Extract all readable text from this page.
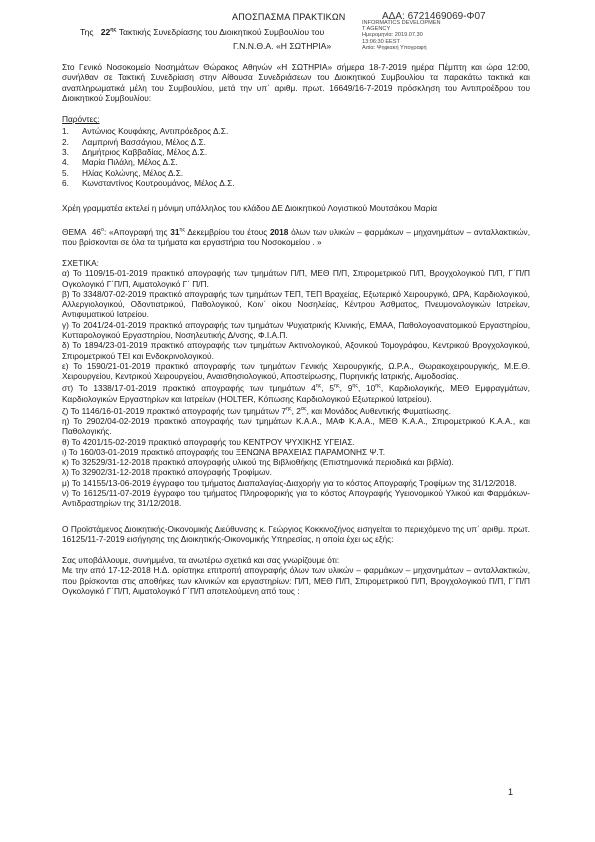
ΑΠΟΣΠΑΣΜΑ ΠΡΑΚΤΙΚΩΝ	ΑΔΑ: 6721469069-Φ07
INFORMATICS DEVELOPMEN
T AGENCY
Ημερομηνία: 2019.07.30
13:06:30 EEST
Αιτία: Ψηφιακή Υπογραφή
Της $22^{\eta\varsigma}$ Τακτικής Συνεδρίασης του Διοικητικού Συμβουλίου του
Γ.Ν.Ν.Θ.Α. «Η ΣΩΤΗΡΙΑ»

Στο Γενικό Νοσοκομείο Νοσημάτων Θώρακος Αθηνών «Η ΣΩΤΗΡΙΑ» σήμερα 18-7-2019 ημέρα Πέμπτη και ώρα 12:00, συνήλθαν σε Τακτική Συνεδρίαση στην Αίθουσα Συνεδριάσεων του Διοικητικού Συμβουλίου τα παρακάτω τακτικά και αναπληρωματικά μέλη του Συμβουλίου, μετά την υπ΄ αριθμ. πρωτ. 16649/16-7-2019 πρόσκληση του Αντιπροέδρου του Διοικητικού Συμβουλίου:

Παρόντες:
1.	Αντώνιος Κουφάκης, Αντιπρόεδρος Δ.Σ.
2.	Λαμπρινή Βασσάγιου, Μέλος Δ.Σ.
3.	Δημήτριος Καββαδίας, Μέλος Δ.Σ.
4.	Μαρία Πιλάλη, Μέλος Δ.Σ.
5.	Ηλίας Κολώνης, Μέλος Δ.Σ.
6.	Κωνσταντίνος Κουτρουμάνος, Μέλος Δ.Σ.

Χρέη γραμματέα εκτελεί η μόνιμη υπάλληλος του κλάδου ΔΕ Διοικητικού Λογιστικού Μουτσάκου Μαρία

ΘΕΜΑ $46^o$: «Απογραφή της $31^{\eta\varsigma}$ Δεκεμβρίου του έτους 2018 όλων των υλικών – φαρμάκων – μηχανημάτων – ανταλλακτικών, που βρίσκονται σε όλα τα τμήματα και εργαστήρια του Νοσοκομείου . »

ΣΧΕΤΙΚΑ:

α) Το 1109/15-01-2019 πρακτικό απογραφής των τμημάτων Π/Π, ΜΕΘ Π/Π, Σπιρομετρικού Π/Π, Βρογχολογικού Π/Π, Γ΄Π/Π Ογκολογικό Γ΄Π/Π, Αιματολογικό Γ΄ Π/Π.

β) Το 3348/07-02-2019 πρακτικό απογραφής των τμημάτων ΤΕΠ, ΤΕΠ Βραχείας, Εξωτερικό Χειρουργικό, ΩΡΑ, Καρδιολογικού, Αλλεργιολογικού, Οδοντιατρικού, Παθολογικού, Κοιν΄ οίκου Νοσηλείας, Κέντρου Άσθματος, Πνευμονολογικών Ιατρείων, Αντιφυματικού Ιατρείου.

γ) Το 2041/24-01-2019 πρακτικό απογραφής των τμημάτων Ψυχιατρικής Κλινικής, ΕΜΑΑ, Παθολογοανατομικού Εργαστηρίου, Κυτταρολογικού Εργαστηρίου, Νοσηλευτικής Δ/νσης, Φ.Ι.Α.Π.

δ) Το 1894/23-01-2019 πρακτικό απογραφής των τμημάτων Ακτινολογικού, Αξονικού Τομογράφου, Κεντρικού Βρογχολογικού, Σπιρομετρικού ΤΕΙ και Ενδοκρινολογικού.

ε) Το 1590/21-01-2019 πρακτικό απογραφής των τμημάτων Γενικής Χειρουργικής, Ω.Ρ.Α., Θωρακοχειρουργικής, Μ.Ε.Θ. Χειρουργείου, Κεντρικού Χειρουργείου, Αναισθησιολογικού, Αποστείρωσης, Πυρηνικής Ιατρικής, Αιμοδοσίας.

στ) Το 1338/17-01-2019 πρακτικό απογραφής των τμημάτων $4^{\eta\varsigma}$, $5^{\eta\varsigma}$, $9^{\eta\varsigma}$, $10^{\eta\varsigma}$, Καρδιολογικής, ΜΕΘ Εμφραγμάτων, Καρδιολογικών Εργαστηρίων και Ιατρείων (HOLTER, Κόπωσης Καρδιολογικού Εξωτερικού Ιατρείου).

ζ) Το 1146/16-01-2019 πρακτικό απογραφής των τμημάτων $7^{\eta\varsigma}$, $2^{\alpha\varsigma}$, και Μονάδος Αυθεντικής Φυματίωσης.

η) Το 2902/04-02-2019 πρακτικό απογραφής των τμημάτων Κ.Α.Α., ΜΑΦ Κ.Α.Α., ΜΕΘ Κ.Α.Α., Σπιρομετρικού Κ.Α.Α., και Παθολογικής.

θ) Το 4201/15-02-2019 πρακτικό απογραφής του ΚΕΝΤΡΟΥ ΨΥΧΙΚΗΣ ΥΓΕΙΑΣ.

ι) Το 160/03-01-2019 πρακτικό απογραφής του ΞΕΝΩΝΑ ΒΡΑΧΕΙΑΣ ΠΑΡΑΜΟΝΗΣ Ψ.Τ.

κ) Το 32529/31-12-2018 πρακτικό απογραφής υλικού της Βιβλιοθήκης (Επιστημονικά περιοδικά και βιβλία).

λ) Το 32902/31-12-2018 πρακτικό απογραφής Τροφίμων.

μ) Το 14155/13-06-2019 έγγραφο του τμήματος Διαπαλαγίας-Διαχορήγ για το κόστος Απογραφής Τροφίμων της 31/12/2018.

ν) Το 16125/11-07-2019 έγγραφο του τμήματος Πληροφορικής για το κόστος Απογραφής Υγειονομικού Υλικού και Φαρμάκων- Αντιδραστηρίων της 31/12/2018.

Ο Προϊστάμενος Διοικητικής-Οικονομικής Διεύθυνσης κ. Γεώργιος Κοκκινοζήνος εισηγείται το περιεχόμενο της υπ΄ αριθμ. πρωτ. 16125/11-7-2019 εισήγησης της Διοικητικής-Οικονομικής Υπηρεσίας, η οποία έχει ως εξής:

Σας υποβάλλουμε, συνημμένα, τα ανωτέρω σχετικά και σας γνωρίζουμε ότι:

Με την από 17-12-2018 Η.Δ. ορίστηκε επιτροπή απογραφής όλων των υλικών – φαρμάκων – μηχανημάτων – ανταλλακτικών, που βρίσκονται στις αποθήκες των κλινικών και εργαστηρίων: Π/Π, ΜΕΘ Π/Π, Σπιρομετρικού Π/Π, Βρογχολογικού Π/Π, Γ΄Π/Π Ογκολογικό Γ΄Π/Π, Αιματολογικό Γ΄Π/Π αποτελούμενη από τους :

1
